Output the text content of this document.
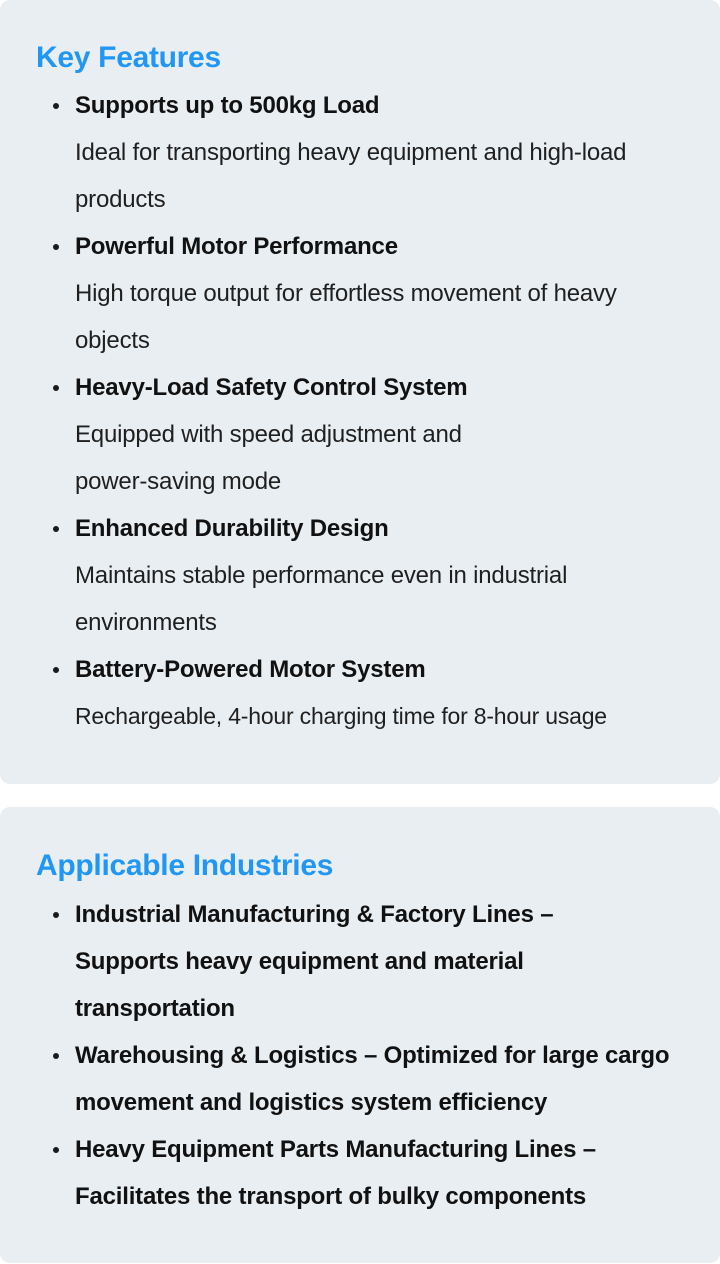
Key Features
Supports up to 500kg Load
Ideal for transporting heavy equipment and high-load products
Powerful Motor Performance
High torque output for effortless movement of heavy objects
Heavy-Load Safety Control System
Equipped with speed adjustment and power-saving mode
Enhanced Durability Design
Maintains stable performance even in industrial environments
Battery-Powered Motor System
Rechargeable, 4-hour charging time for 8-hour usage
Applicable Industries
Industrial Manufacturing & Factory Lines – Supports heavy equipment and material transportation
Warehousing & Logistics – Optimized for large cargo movement and logistics system efficiency
Heavy Equipment Parts Manufacturing Lines – Facilitates the transport of bulky components
